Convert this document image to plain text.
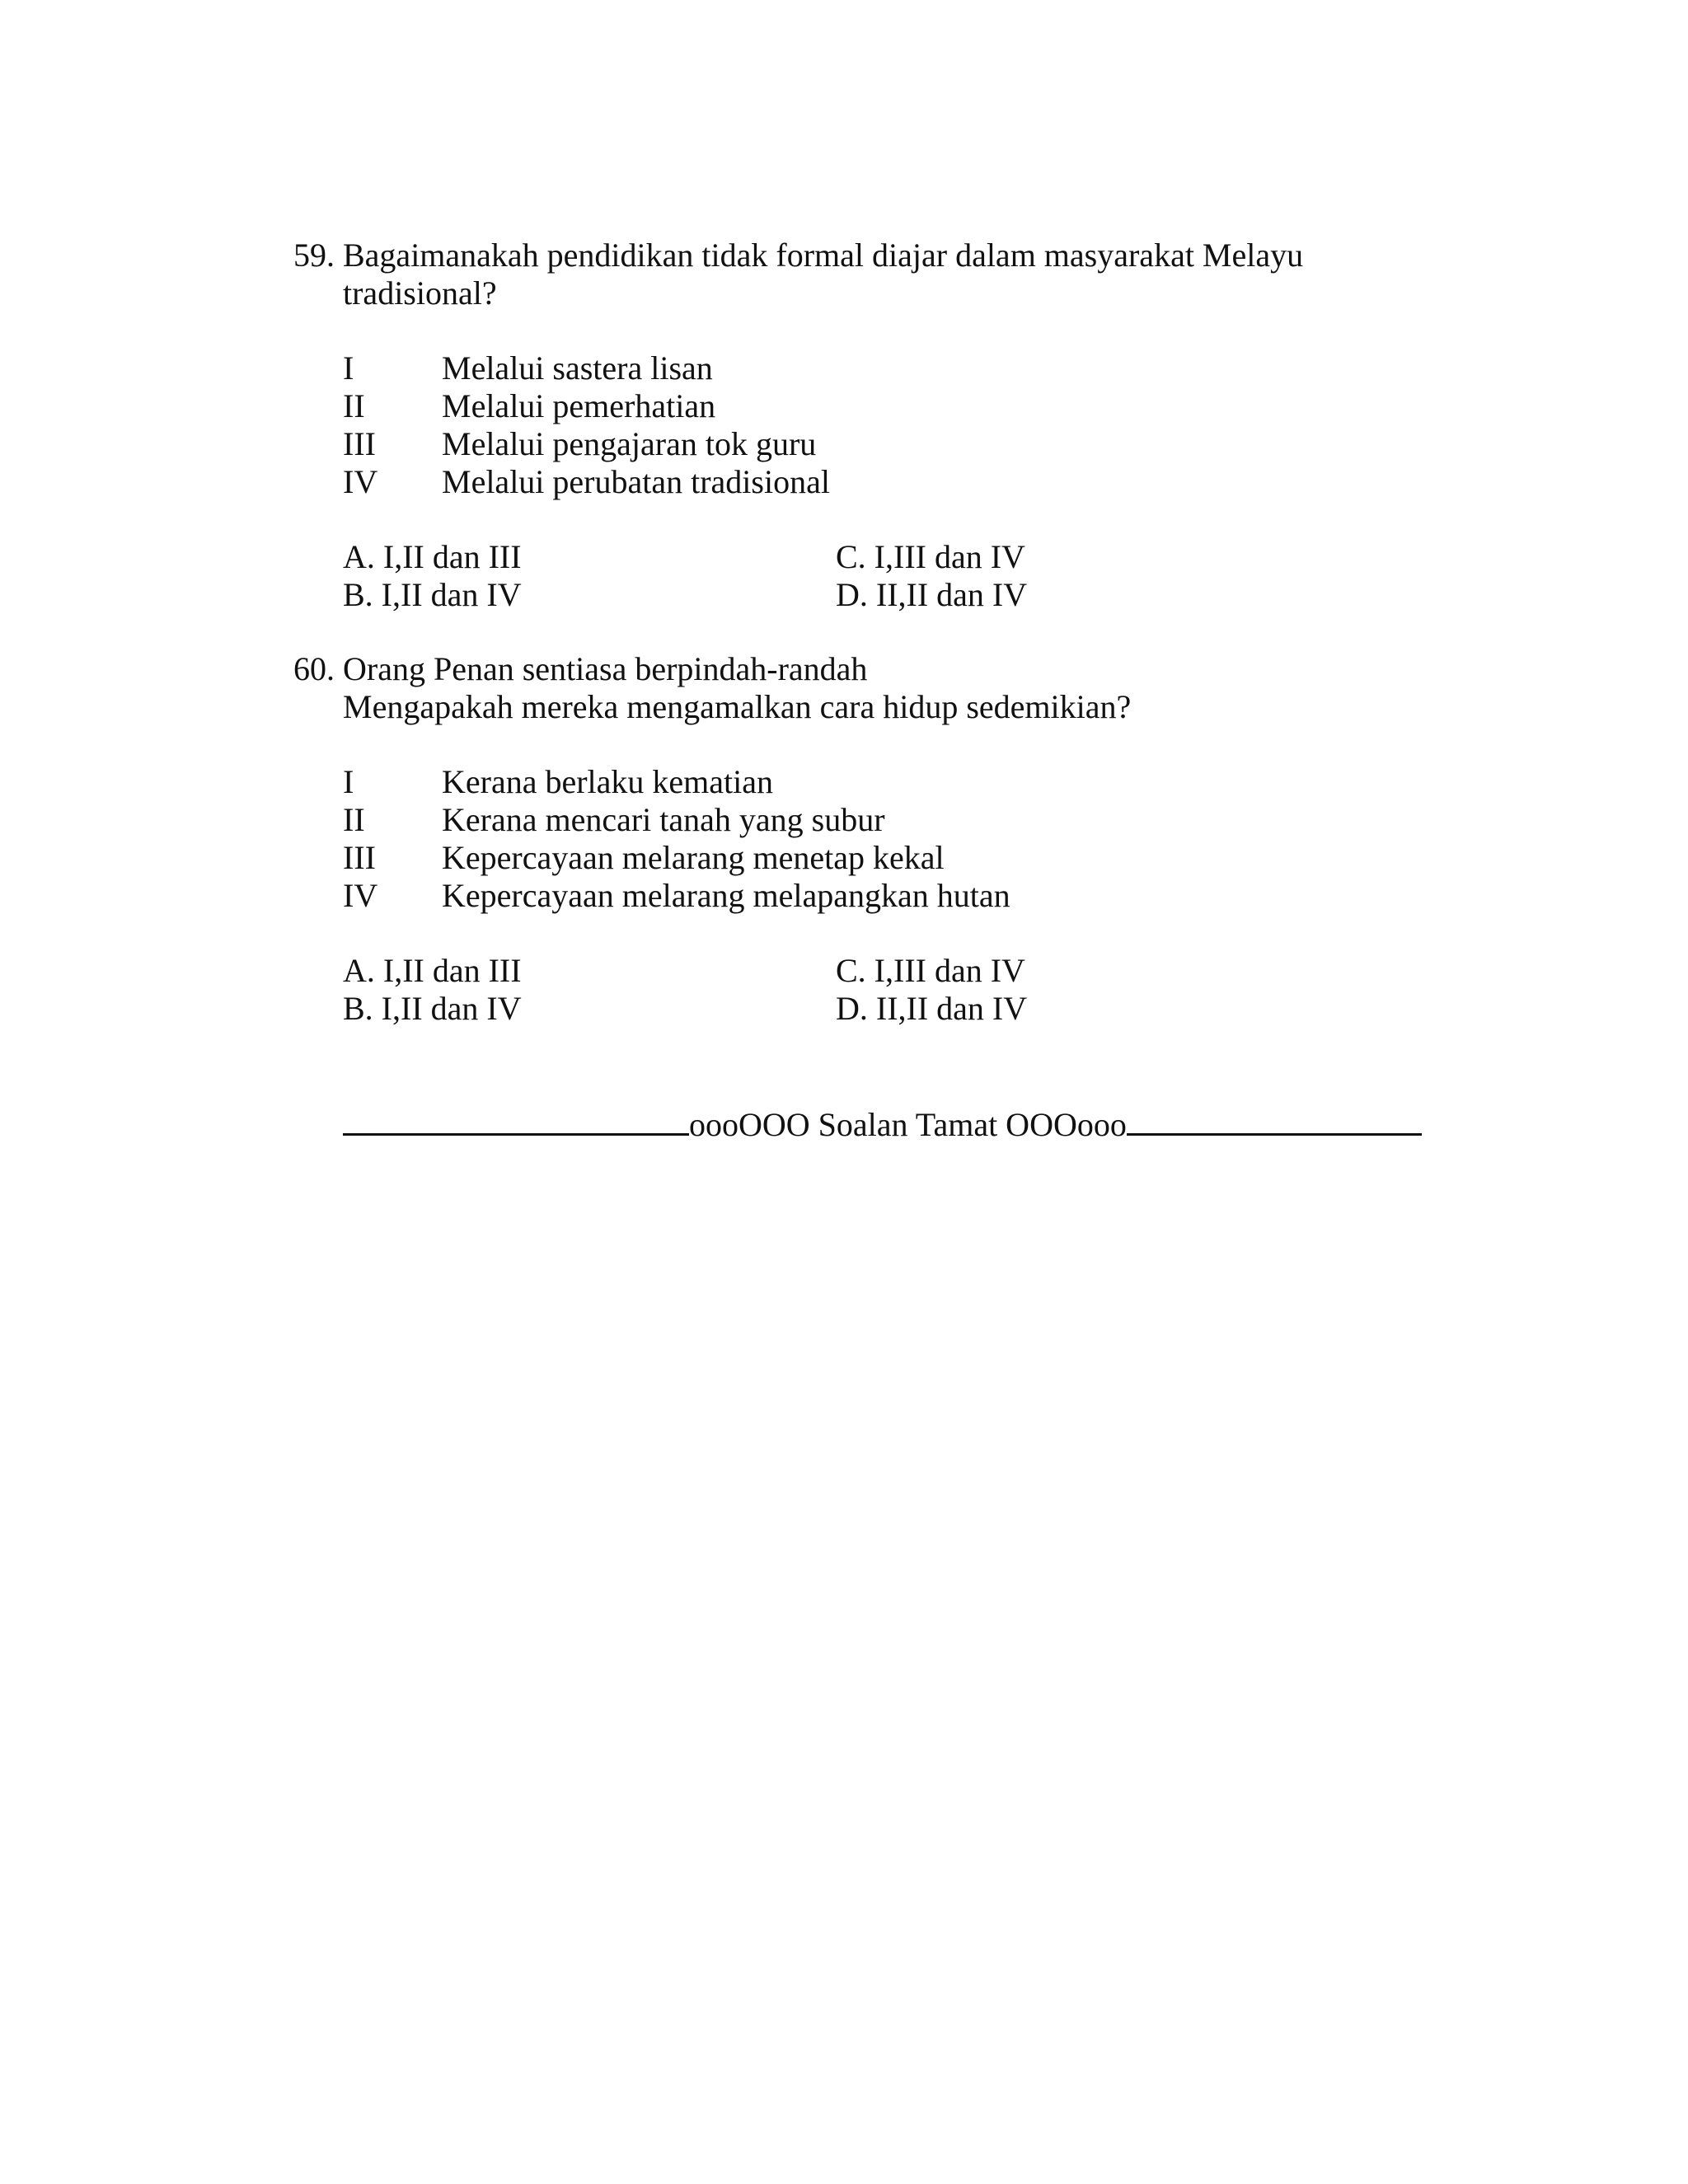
59. Bagaimanakah pendidikan tidak formal diajar dalam masyarakat Melayu
tradisional?
I	Melalui sastera lisan
II Melalui pemerhatian
III Melalui pengajaran tok guru
IV Melalui perubatan tradisional
A. I,II dan III	C. I,III dan IV
B. I,II dan IV	D. II,II dan IV
60. Orang Penan sentiasa berpindah-randah
Mengapakah mereka mengamalkan cara hidup sedemikian?
I	Kerana berlaku kematian
II Kerana mencari tanah yang subur
III Kepercayaan melarang menetap kekal
IV Kepercayaan melarang melapangkan hutan
A. I,II dan III	C. I,III dan IV
B. I,II dan IV	D. II,II dan IV
oooOOO Soalan Tamat OOOooo
